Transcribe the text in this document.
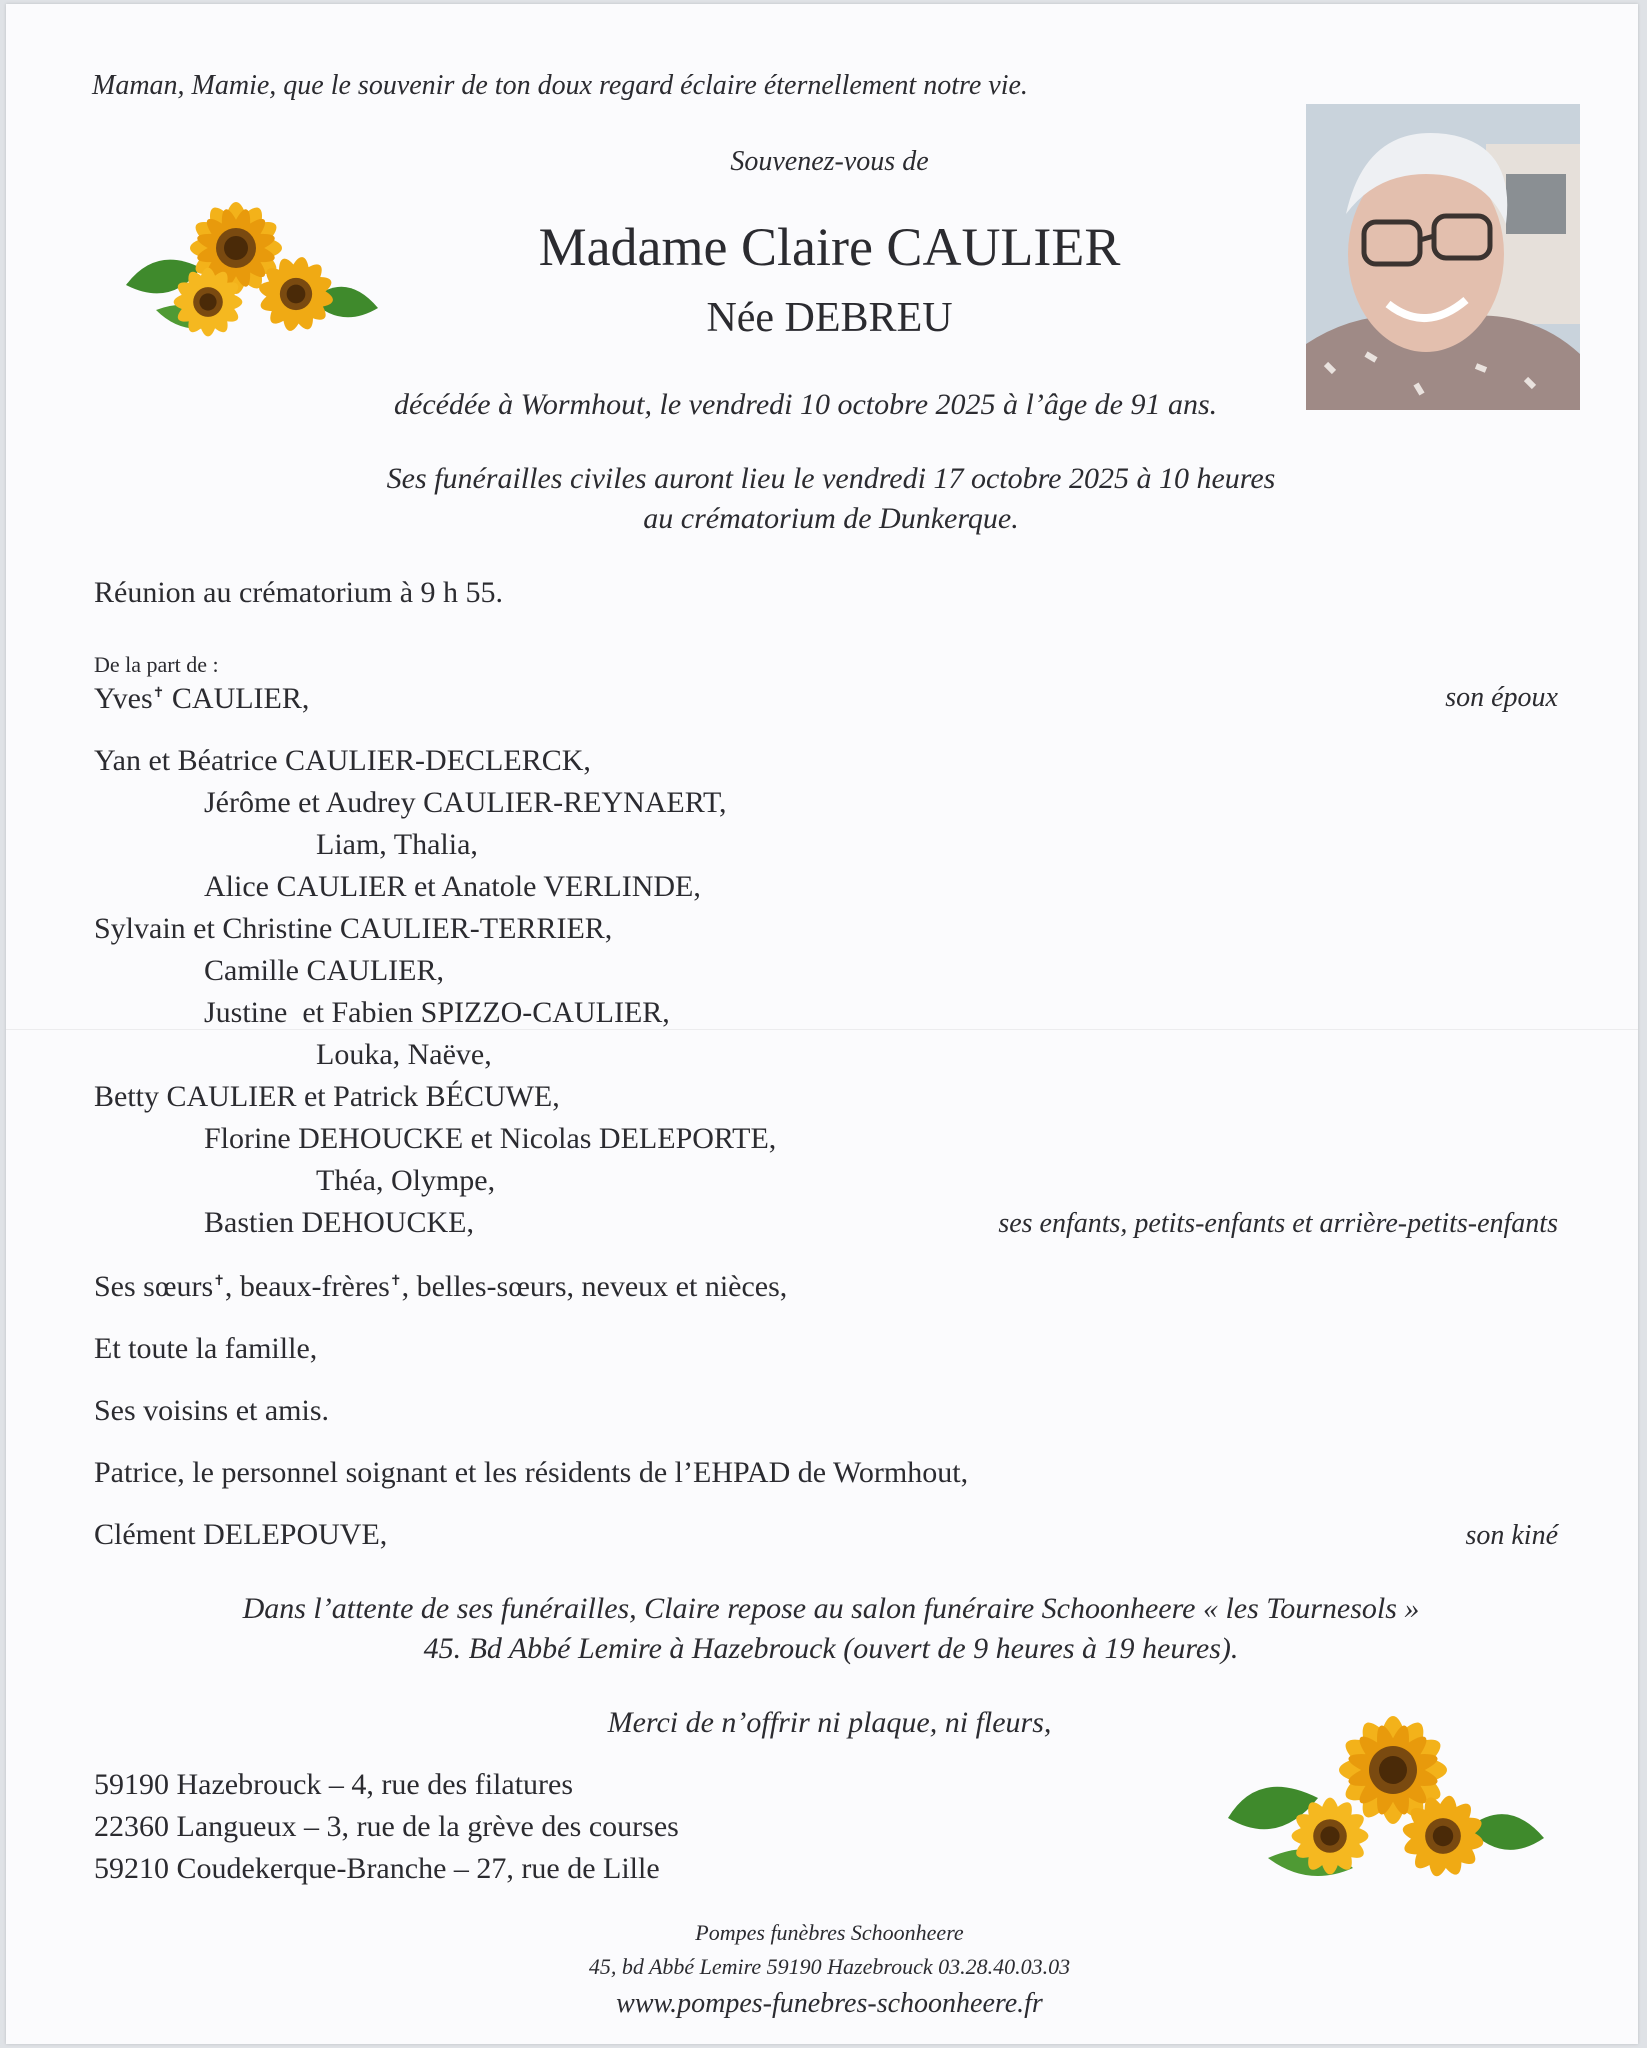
Maman, Mamie, que le souvenir de ton doux regard éclaire éternellement notre vie.
Souvenez-vous de
Madame Claire CAULIER
Née DEBREU
décédée à Wormhout, le vendredi 10 octobre 2025 à l’âge de 91 ans.
Ses funérailles civiles auront lieu le vendredi 17 octobre 2025 à 10 heures
au crématorium de Dunkerque.
Réunion au crématorium à 9 h 55.
De la part de :
Yves✝ CAULIER,	son époux
Yan et Béatrice CAULIER-DECLERCK,
Jérôme et Audrey CAULIER-REYNAERT,
Liam, Thalia,
Alice CAULIER et Anatole VERLINDE,
Sylvain et Christine CAULIER-TERRIER,
Camille CAULIER,
Justine  et Fabien SPIZZO-CAULIER,
Louka, Naëve,
Betty CAULIER et Patrick BÉCUWE,
Florine DEHOUCKE et Nicolas DELEPORTE,
Théa, Olympe,
Bastien DEHOUCKE,	ses enfants, petits-enfants et arrière-petits-enfants
Ses sœurs✝, beaux-frères✝, belles-sœurs, neveux et nièces,
Et toute la famille,
Ses voisins et amis.
Patrice, le personnel soignant et les résidents de l’EHPAD de Wormhout,
Clément DELEPOUVE,	son kiné
Dans l’attente de ses funérailles, Claire repose au salon funéraire Schoonheere « les Tournesols »
45. Bd Abbé Lemire à Hazebrouck (ouvert de 9 heures à 19 heures).
Merci de n’offrir ni plaque, ni fleurs,
59190 Hazebrouck – 4, rue des filatures
22360 Langueux – 3, rue de la grève des courses
59210 Coudekerque-Branche – 27, rue de Lille
Pompes funèbres Schoonheere
45, bd Abbé Lemire 59190 Hazebrouck 03.28.40.03.03
www.pompes-funebres-schoonheere.fr
